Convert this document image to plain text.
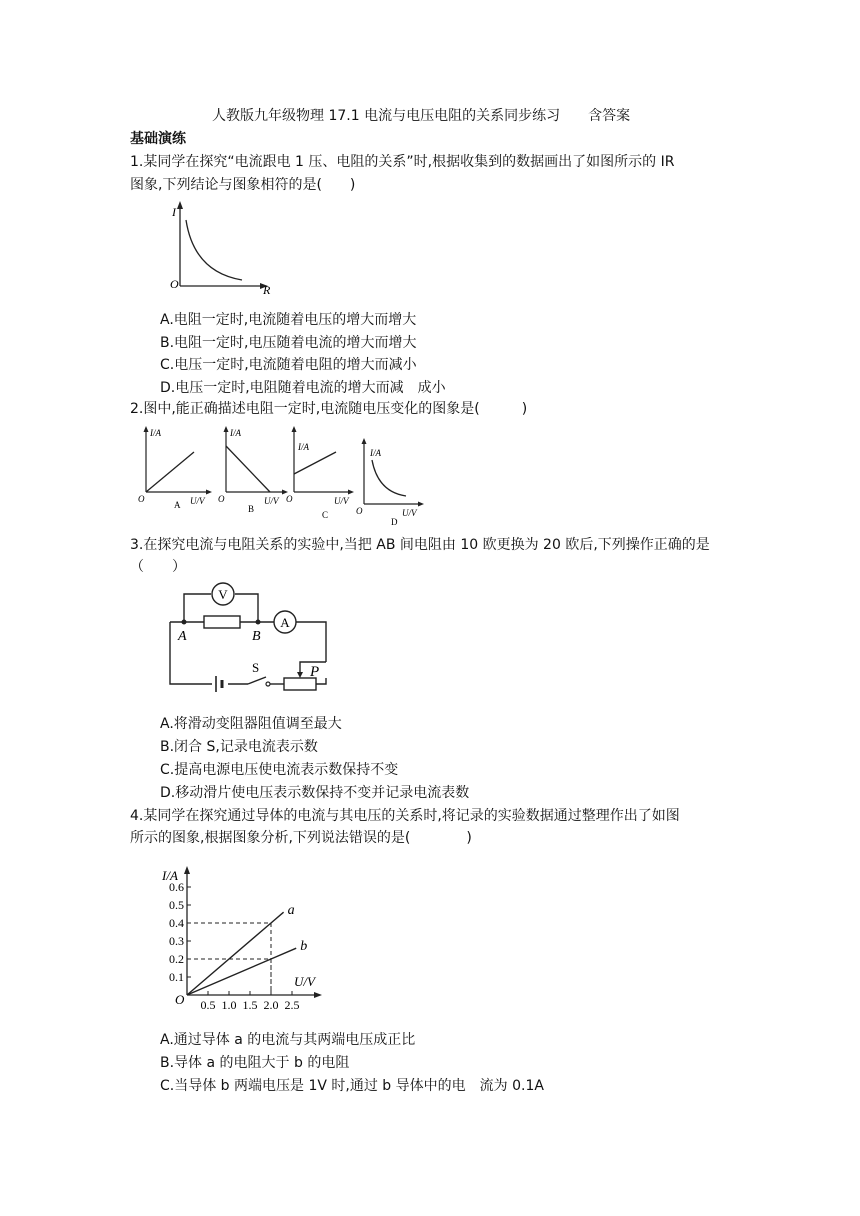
人教版九年级物理 17.1 电流与电压电阻的关系同步练习　　含答案
基础演练
1.某同学在探究“电流跟电 1 压、电阻的关系”时,根据收集到的数据画出了如图所示的 IR
图象,下列结论与图象相符的是(　　)
I
R
O
A.电阻一定时,电流随着电压的增大而增大
B.电阻一定时,电压随着电流的增大而增大
C.电压一定时,电流随着电阻的增大而减小
D.电压一定时,电阻随着电流的增大而减　成小
2.图中,能正确描述电阻一定时,电流随电压变化的图象是(　　　)
I/A
U/V
O
A
I/A
U/V
O
B
I/A
U/V
O
C
I/A
U/V
O
D
3.在探究电流与电阻关系的实验中,当把 AB 间电阻由 10 欧更换为 20 欧后,下列操作正确的是
（　　）
V
A	B
A
S	P
A.将滑动变阻器阻值调至最大
B.闭合 S,记录电流表示数
C.提高电源电压使电流表示数保持不变
D.移动滑片使电压表示数保持不变并记录电流表数
4.某同学在探究通过导体的电流与其电压的关系时,将记录的实验数据通过整理作出了如图
所示的图象,根据图象分析,下列说法错误的是(　　　　)
I/A
U/V
O
0.1
0.2
0.3
0.4
0.5
0.6
0.5 1.0 1.5 2.0 2.5
a
b
A.通过导体 a 的电流与其两端电压成正比
B.导体 a 的电阻大于 b 的电阻
C.当导体 b 两端电压是 1V 时,通过 b 导体中的电　流为 0.1A
